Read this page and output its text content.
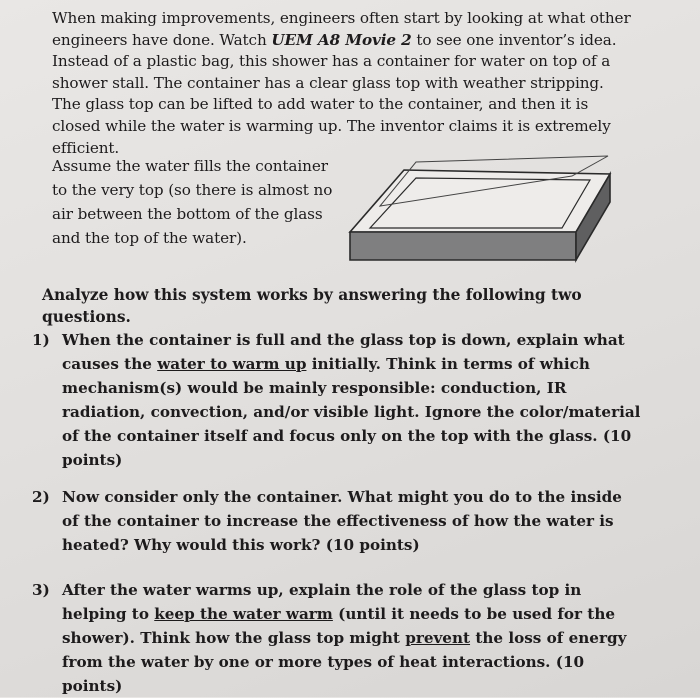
When making improvements, engineers often start by looking at what other engineers have done. Watch UEM A8 Movie 2 to see one inventor’s idea. Instead of a plastic bag, this shower has a container for water on top of a shower stall. The container has a clear glass top with weather stripping. The glass top can be lifted to add water to the container, and then it is closed while the water is warming up. The inventor claims it is extremely efficient.
Assume the water fills the container to the very top (so there is almost no air between the bottom of the glass and the top of the water).
Analyze how this system works by answering the following two questions.
1) When the container is full and the glass top is down, explain what causes the water to warm up initially. Think in terms of which mechanism(s) would be mainly responsible: conduction, IR radiation, convection, and/or visible light. Ignore the color/material of the container itself and focus only on the top with the glass. (10 points)
2) Now consider only the container. What might you do to the inside of the container to increase the effectiveness of how the water is heated? Why would this work? (10 points)
3) After the water warms up, explain the role of the glass top in helping to keep the water warm (until it needs to be used for the shower). Think how the glass top might prevent the loss of energy from the water by one or more types of heat interactions. (10 points)
